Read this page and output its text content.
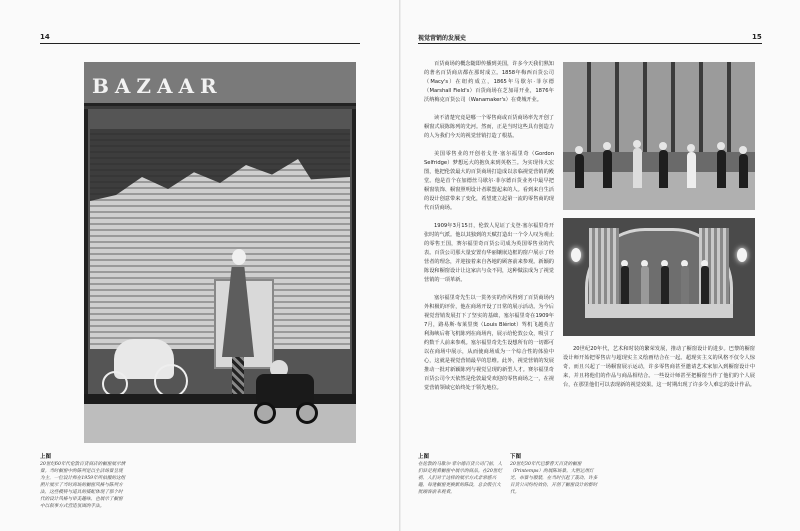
14	视觉营销的发展史	15
BAZAAR
上图
20世纪60年代伦敦百货商店的橱窗展示情景。当时橱窗中的陈列是以生活场景呈现为主，一位设计师在1959年所拍摄的这组照片展示了当时商场的橱窗风格与陈列方法，这些模特与道具的搭配体现了那个时代的设计风格与审美趣味，也展示了橱窗中以叙事方式营造氛围的手法。

百货商场的概念随即传播到美国，许多今天我们熟知的著名百货商店都在那时成立。1858年梅西百货公司（Macy's）在纽约成立，1865年马歇尔·菲尔德（Marshall Field's）百货商场在芝加哥开业，1876年沃纳梅克百货公司（Wanamaker's）在费城开业。

读不清楚究竟是哪一个零售商或百货商场率先开创了橱窗式展陈陈列的先河。然而，正是当时这些具有创造力的人为我们今天的视觉营销打造了根基。

美国零售业的开创者戈登·塞尔福里奇（Gordon Selfridge）梦想远大的抱负来到英格兰。为实现伟大宏图，他把伦敦最大的百货商场打造成以亲临视觉营销的殿堂。他是首个在加德丝马歇尔·菲尔德百货业务中最早把橱窗装饰、橱窗照明设计者联盟起来的人。看到来自生活的设计创意带来了变化，希望建立起第一流的零售商的现代百货商场。

1909年3月15日，伦敦人见证了戈登·塞尔福里奇开张时的气派。他以其独到的天赋打造出一个令人叹为观止的零售王国，赛尔福里奇百货公司成为英国零售业的代表。百货公司那大量安置有华丽镶嵌边框的窗户展示了经营者的理念，并迎接着来自各地的顾客前来参观。新颖的陈设和橱窗设计让这家店与众不同，这种做法成为了视觉营销的一项革新。

塞尔福里奇先生以一贯务实的作风得到了百货商场内外积极的评价，他在商场开设了日常的展示活动。为今后视觉营销发展打下了坚实的基础，塞尔福里奇在1909年7月，路易斯·布莱里奥（Louis Blériot）驾机飞越英吉利海峡后将飞机陈列在商场内，展示给伦敦公众，吸引了约数千人前来参观。塞尔福里奇先生设想所有的一切都可以在商场中展示，从而使商场成为一个综合性的体验中心，这就是视觉营销最早的思维。此外，视觉营销的发展推动一批对新颖陈列与视觉呈现的新型人才。赛尔福里奇百货公司今天依然是伦敦最受欢迎的零售商场之一，在视觉营销领域它始终处于领先地位。

20世纪20年代，艺术和时装的繁荣发展，推动了橱窗设计的进步。巴黎的橱窗设计师开始把零售店与超现实主义绘画结合在一起。超现实主义的风格不仅令人惊奇，而且兴起了一场橱窗展示运动，许多零售商甚至邀请艺术家加入到橱窗设计中来，并且将他们的作品与商品相结合。一些设计师甚至把橱窗当作了他们的个人展台，在那里他们可以表现新的视觉效果。这一时期出现了许多令人难忘的设计作品。

上图
在伦敦的马歇尔·菲尔德百货公司门前，人们驻足观看橱窗中展示的商品。在20世纪初，人们对于这样的展示方式非常感兴趣，每逢橱窗更换新的陈设，总会吸引大批顾客前来观看。
下图
20世纪30年代巴黎春天百货的橱窗（Printemps）的展陈场景。大胆运用灯光、布景与服装，在当时引起了轰动，许多百货公司纷纷效仿，开创了橱窗设计的新时代。
